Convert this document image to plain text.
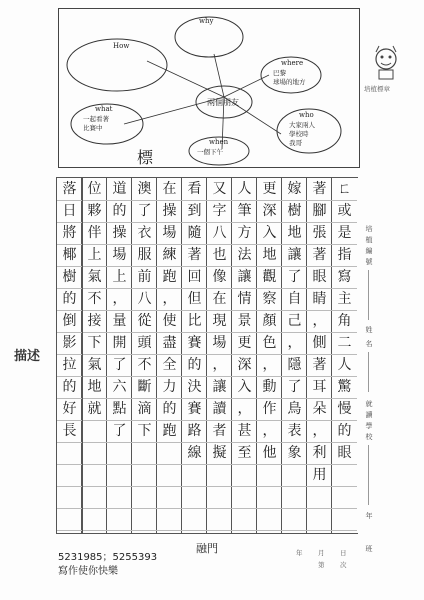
why
How
兩個朋友
where
who
when
what
巴黎
球場的地方
大家兩人
學校時
我哥
一個下午
一起看著
比賽中
標
培植標章
培
植
編
號
姓
名
就
讀
學
校
年
班
ㄈ
或
是
指
寫
主
角
二
人
驚
慢
的
眼
著
腳
張
著
眼
睛
，
側
著
耳
朵
，
利
用
嫁
樹
地
讓
了
自
己
，
隱
了
鳥
表
象
更
深
入
地
觀
察
顏
色
，
動
作
，
他
人
筆
方
法
讓
情
景
更
深
入
，
甚
至
又
字
八
也
像
在
現
場
，
讓
讀
者
擬
看
到
隨
著
回
但
比
賽
的
決
賽
路
線
在
操
場
練
跑
，
使
盡
全
力
的
跑
澳
了
衣
服
前
八
從
頭
不
斷
滴
下
道
的
操
場
上
，
量
開
了
六
點
了
位
夥
伴
上
氣
不
接
下
氣
地
就
落
日
將
椰
樹
的
倒
影
拉
的
好
長
描述
融門
5231985；5255393
寫作使你快樂
年 月 日
第 次
